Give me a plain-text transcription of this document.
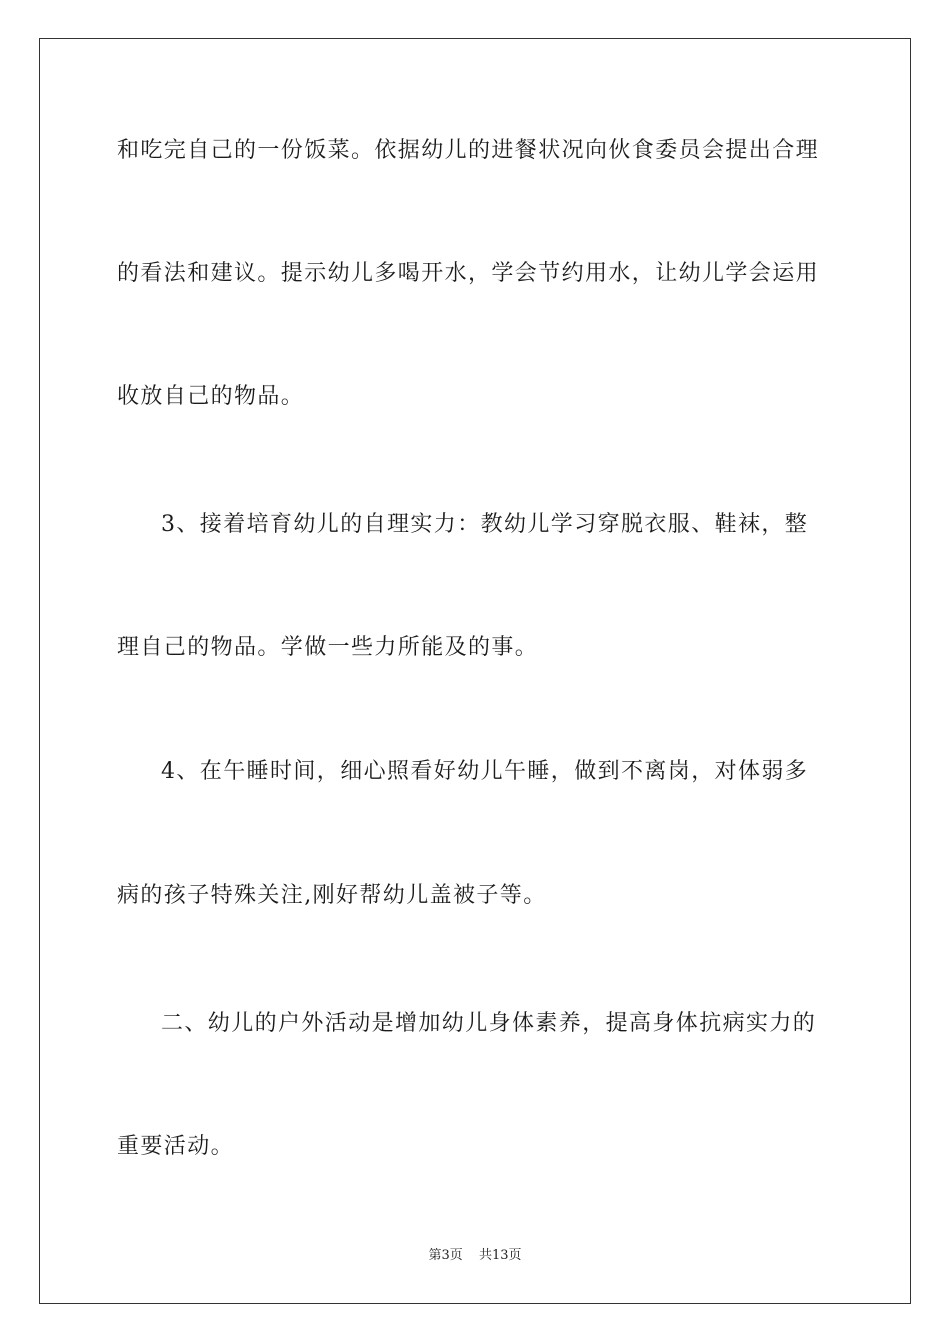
和吃完自己的一份饭菜。依据幼儿的进餐状况向伙食委员会提出合理
的看法和建议。提示幼儿多喝开水，学会节约用水，让幼儿学会运用
收放自己的物品。
3、接着培育幼儿的自理实力：教幼儿学习穿脱衣服、鞋袜，整
理自己的物品。学做一些力所能及的事。
4、在午睡时间，细心照看好幼儿午睡，做到不离岗，对体弱多
病的孩子特殊关注,刚好帮幼儿盖被子等。
二、幼儿的户外活动是增加幼儿身体素养，提高身体抗病实力的
重要活动。
第3页 共13页
